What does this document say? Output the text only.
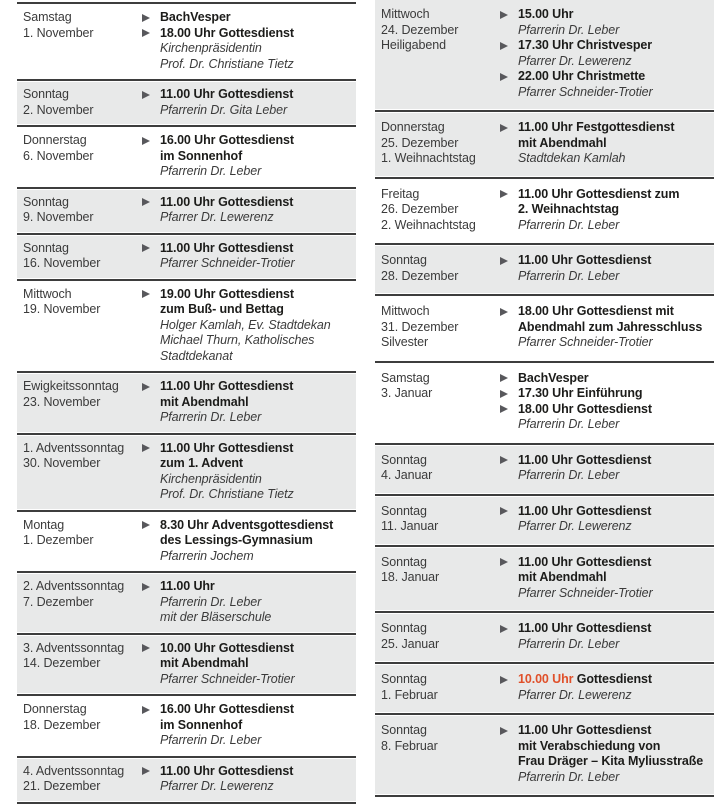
Samstag
1. November
BachVesper
18.00 Uhr Gottesdienst
Kirchenpräsidentin
Prof. Dr. Christiane Tietz
Sonntag
2. November
11.00 Uhr Gottesdienst
Pfarrerin Dr. Gita Leber
Donnerstag
6. November
16.00 Uhr Gottesdienst
im Sonnenhof
Pfarrerin Dr. Leber
Sonntag
9. November
11.00 Uhr Gottesdienst
Pfarrer Dr. Lewerenz
Sonntag
16. November
11.00 Uhr Gottesdienst
Pfarrer Schneider-Trotier
Mittwoch
19. November
19.00 Uhr Gottesdienst
zum Buß- und Bettag
Holger Kamlah, Ev. Stadtdekan
Michael Thurn, Katholisches
Stadtdekanat
Ewigkeitssonntag
23. November
11.00 Uhr Gottesdienst
mit Abendmahl
Pfarrerin Dr. Leber
1. Adventssonntag
30. November
11.00 Uhr Gottesdienst
zum 1. Advent
Kirchenpräsidentin
Prof. Dr. Christiane Tietz
Montag
1. Dezember
8.30 Uhr Adventsgottesdienst
des Lessings-Gymnasium
Pfarrerin Jochem
2. Adventssonntag
7. Dezember
11.00 Uhr
Pfarrerin Dr. Leber
mit der Bläserschule
3. Adventssonntag
14. Dezember
10.00 Uhr Gottesdienst
mit Abendmahl
Pfarrer Schneider-Trotier
Donnerstag
18. Dezember
16.00 Uhr Gottesdienst
im Sonnenhof
Pfarrerin Dr. Leber
4. Adventssonntag
21. Dezember
11.00 Uhr Gottesdienst
Pfarrer Dr. Lewerenz
Mittwoch
24. Dezember
Heiligabend
15.00 Uhr
Pfarrerin Dr. Leber
17.30 Uhr Christvesper
Pfarrer Dr. Lewerenz
22.00 Uhr Christmette
Pfarrer Schneider-Trotier
Donnerstag
25. Dezember
1. Weihnachtstag
11.00 Uhr Festgottesdienst
mit Abendmahl
Stadtdekan Kamlah
Freitag
26. Dezember
2. Weihnachtstag
11.00 Uhr Gottesdienst zum
2. Weihnachtstag
Pfarrerin Dr. Leber
Sonntag
28. Dezember
11.00 Uhr Gottesdienst
Pfarrerin Dr. Leber
Mittwoch
31. Dezember
Silvester
18.00 Uhr Gottesdienst mit
Abendmahl zum Jahresschluss
Pfarrer Schneider-Trotier
Samstag
3. Januar
BachVesper
17.30 Uhr Einführung
18.00 Uhr Gottesdienst
Pfarrerin Dr. Leber
Sonntag
4. Januar
11.00 Uhr Gottesdienst
Pfarrerin Dr. Leber
Sonntag
11. Januar
11.00 Uhr Gottesdienst
Pfarrer Dr. Lewerenz
Sonntag
18. Januar
11.00 Uhr Gottesdienst
mit Abendmahl
Pfarrer Schneider-Trotier
Sonntag
25. Januar
11.00 Uhr Gottesdienst
Pfarrerin Dr. Leber
Sonntag
1. Februar
10.00 Uhr Gottesdienst
Pfarrer Dr. Lewerenz
Sonntag
8. Februar
11.00 Uhr Gottesdienst
mit Verabschiedung von
Frau Dräger – Kita Myliusstraße
Pfarrerin Dr. Leber
